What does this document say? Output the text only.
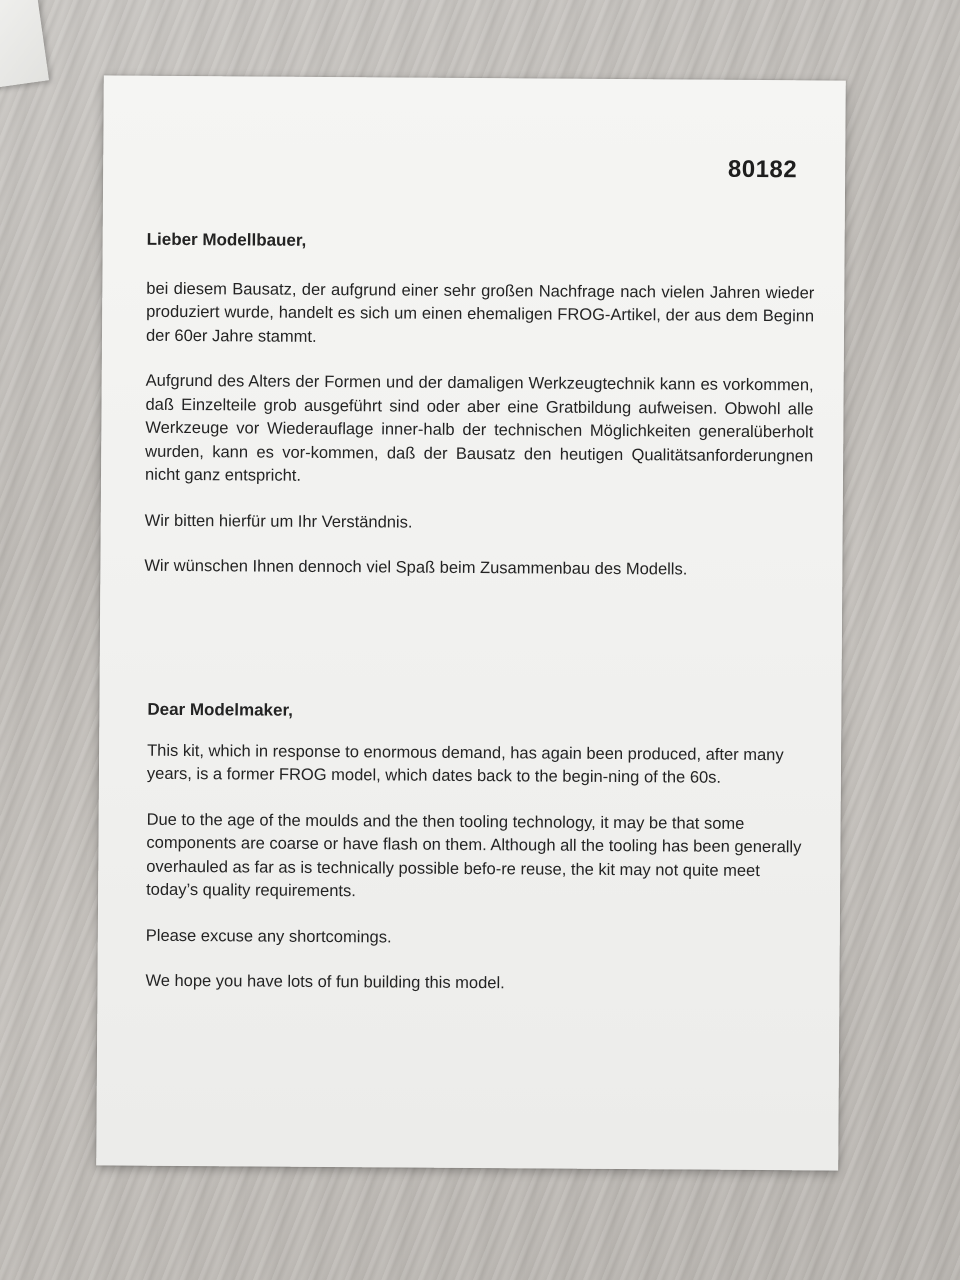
80182
Lieber Modellbauer,

bei diesem Bausatz, der aufgrund einer sehr großen Nachfrage nach vielen Jahren wieder produziert wurde, handelt es sich um einen ehemaligen FROG-Artikel, der aus dem Beginn der 60er Jahre stammt.

Aufgrund des Alters der Formen und der damaligen Werkzeugtechnik kann es vorkommen, daß Einzelteile grob ausgeführt sind oder aber eine Gratbildung aufweisen. Obwohl alle Werkzeuge vor Wiederauflage inner-halb der technischen Möglichkeiten generalüberholt wurden, kann es vor-kommen, daß der Bausatz den heutigen Qualitätsanforderungnen nicht ganz entspricht.

Wir bitten hierfür um Ihr Verständnis.

Wir wünschen Ihnen dennoch viel Spaß beim Zusammenbau des Modells.

Dear Modelmaker,

This kit, which in response to enormous demand, has again been produced, after many years, is a former FROG model, which dates back to the begin-ning of the 60s.

Due to the age of the moulds and the then tooling technology, it may be that some components are coarse or have flash on them. Although all the tooling has been generally overhauled as far as is technically possible befo-re reuse, the kit may not quite meet today’s quality requirements.

Please excuse any shortcomings.

We hope you have lots of fun building this model.
